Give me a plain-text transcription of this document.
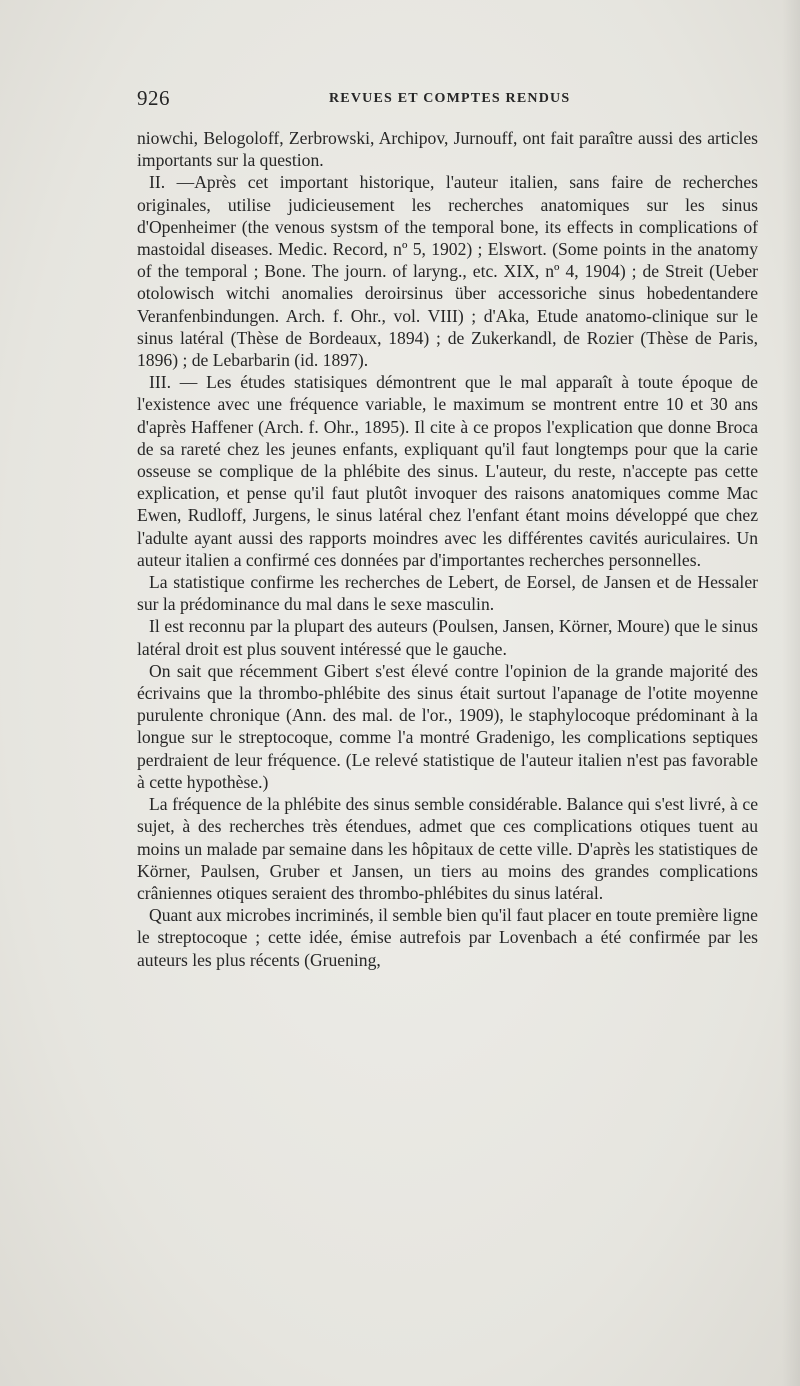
926	REVUES ET COMPTES RENDUS

niowchi, Belogoloff, Zerbrowski, Archipov, Jurnouff, ont fait paraître aussi des articles importants sur la question.

II. —Après cet important historique, l'auteur italien, sans faire de recherches originales, utilise judicieusement les recherches anatomiques sur les sinus d'Openheimer (the venous systsm of the temporal bone, its effects in complications of mastoidal diseases. Medic. Record, nº 5, 1902) ; Elswort. (Some points in the anatomy of the temporal ; Bone. The journ. of laryng., etc. XIX, nº 4, 1904) ; de Streit (Ueber otolowisch witchi anomalies deroirsinus über accessoriche sinus hobedentandere Veranfenbindungen. Arch. f. Ohr., vol. VIII) ; d'Aka, Etude anatomo-clinique sur le sinus latéral (Thèse de Bordeaux, 1894) ; de Zukerkandl, de Rozier (Thèse de Paris, 1896) ; de Lebarbarin (id. 1897).

III. — Les études statisiques démontrent que le mal apparaît à toute époque de l'existence avec une fréquence variable, le maximum se montrent entre 10 et 30 ans d'après Haffener (Arch. f. Ohr., 1895). Il cite à ce propos l'explication que donne Broca de sa rareté chez les jeunes enfants, expliquant qu'il faut longtemps pour que la carie osseuse se complique de la phlébite des sinus. L'auteur, du reste, n'accepte pas cette explication, et pense qu'il faut plutôt invoquer des raisons anatomiques comme Mac Ewen, Rudloff, Jurgens, le sinus latéral chez l'enfant étant moins développé que chez l'adulte ayant aussi des rapports moindres avec les différentes cavités auriculaires. Un auteur italien a confirmé ces données par d'importantes recherches personnelles.

La statistique confirme les recherches de Lebert, de Eorsel, de Jansen et de Hessaler sur la prédominance du mal dans le sexe masculin.

Il est reconnu par la plupart des auteurs (Poulsen, Jansen, Körner, Moure) que le sinus latéral droit est plus souvent intéressé que le gauche.

On sait que récemment Gibert s'est élevé contre l'opinion de la grande majorité des écrivains que la thrombo-phlébite des sinus était surtout l'apanage de l'otite moyenne purulente chronique (Ann. des mal. de l'or., 1909), le staphylocoque prédominant à la longue sur le streptocoque, comme l'a montré Gradenigo, les complications septiques perdraient de leur fréquence. (Le relevé statistique de l'auteur italien n'est pas favorable à cette hypothèse.)

La fréquence de la phlébite des sinus semble considérable. Balance qui s'est livré, à ce sujet, à des recherches très étendues, admet que ces complications otiques tuent au moins un malade par semaine dans les hôpitaux de cette ville. D'après les statistiques de Körner, Paulsen, Gruber et Jansen, un tiers au moins des grandes complications crâniennes otiques seraient des thrombo-phlébites du sinus latéral.

Quant aux microbes incriminés, il semble bien qu'il faut placer en toute première ligne le streptocoque ; cette idée, émise autrefois par Lovenbach a été confirmée par les auteurs les plus récents (Gruening,
